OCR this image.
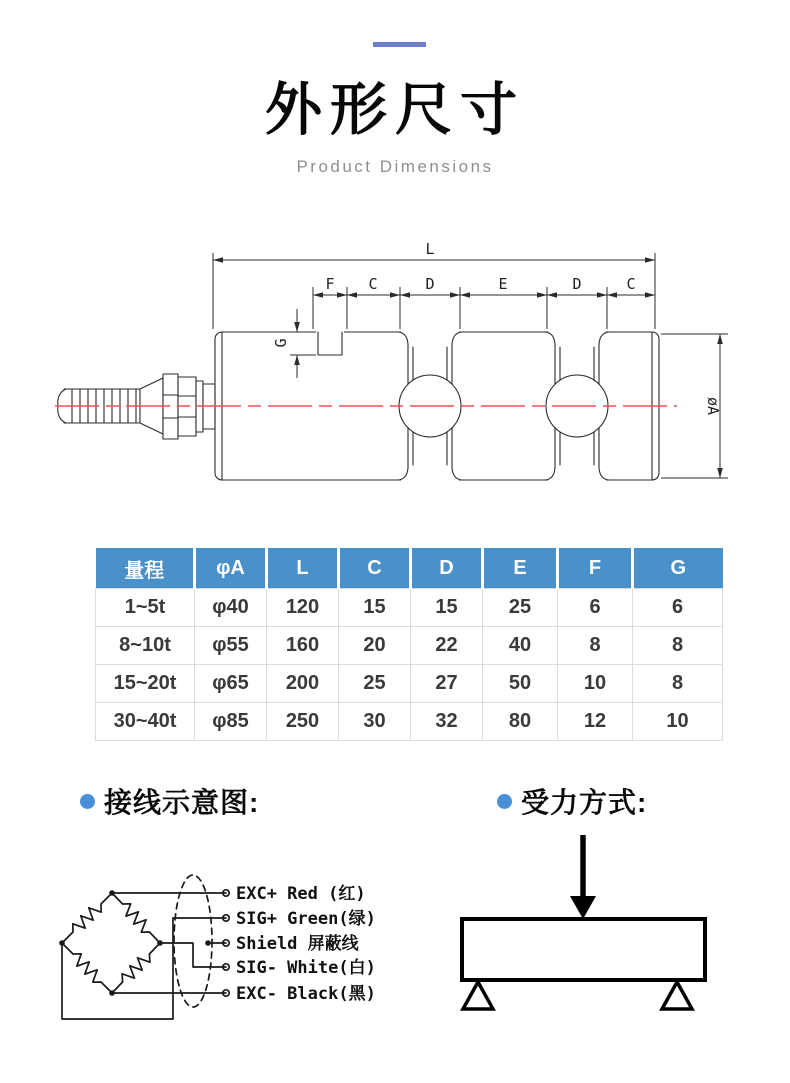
外形尺寸
Product Dimensions
L
F C	D	E	D	C
G
øA
量程	φA	L	C	D	E	F	G
1~5t	φ40	120	15	15	25	6	6
8~10t	φ55	160	20	22	40	8	8
15~20t	φ65	200	25	27	50	10	8
30~40t	φ85	250	30	32	80	12	10
接线示意图:	受力方式:
EXC+ Red (红)
SIG+ Green(绿)
Shield 屏蔽线
SIG- White(白)
EXC- Black(黑)
